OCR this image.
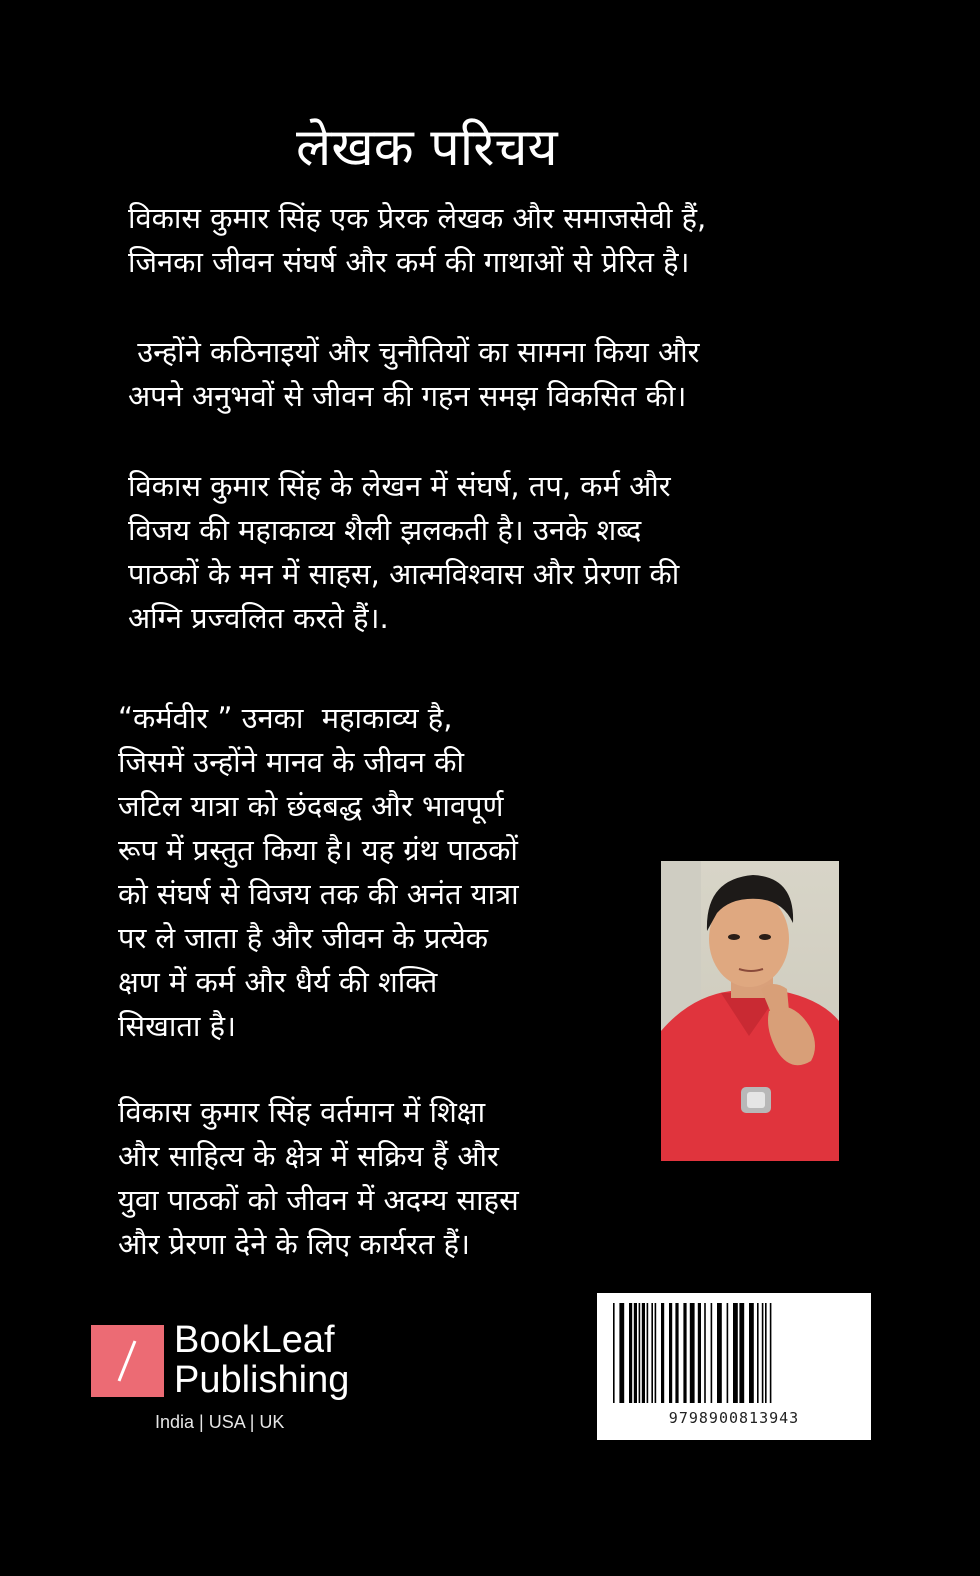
लेखक परिचय
विकास कुमार सिंह एक प्रेरक लेखक और समाजसेवी हैं,
जिनका जीवन संघर्ष और कर्म की गाथाओं से प्रेरित है।
उन्होंने कठिनाइयों और चुनौतियों का सामना किया और
अपने अनुभवों से जीवन की गहन समझ विकसित की।
विकास कुमार सिंह के लेखन में संघर्ष, तप, कर्म और
विजय की महाकाव्य शैली झलकती है। उनके शब्द
पाठकों के मन में साहस, आत्मविश्वास और प्रेरणा की
अग्नि प्रज्वलित करते हैं।.
“कर्मवीर ” उनका  महाकाव्य है,
जिसमें उन्होंने मानव के जीवन की
जटिल यात्रा को छंदबद्ध और भावपूर्ण
रूप में प्रस्तुत किया है। यह ग्रंथ पाठकों
को संघर्ष से विजय तक की अनंत यात्रा
पर ले जाता है और जीवन के प्रत्येक
क्षण में कर्म और धैर्य की शक्ति
सिखाता है।
विकास कुमार सिंह वर्तमान में शिक्षा
और साहित्य के क्षेत्र में सक्रिय हैं और
युवा पाठकों को जीवन में अदम्य साहस
और प्रेरणा देने के लिए कार्यरत हैं।
9798900813943
BookLeaf
Publishing
India | USA | UK
